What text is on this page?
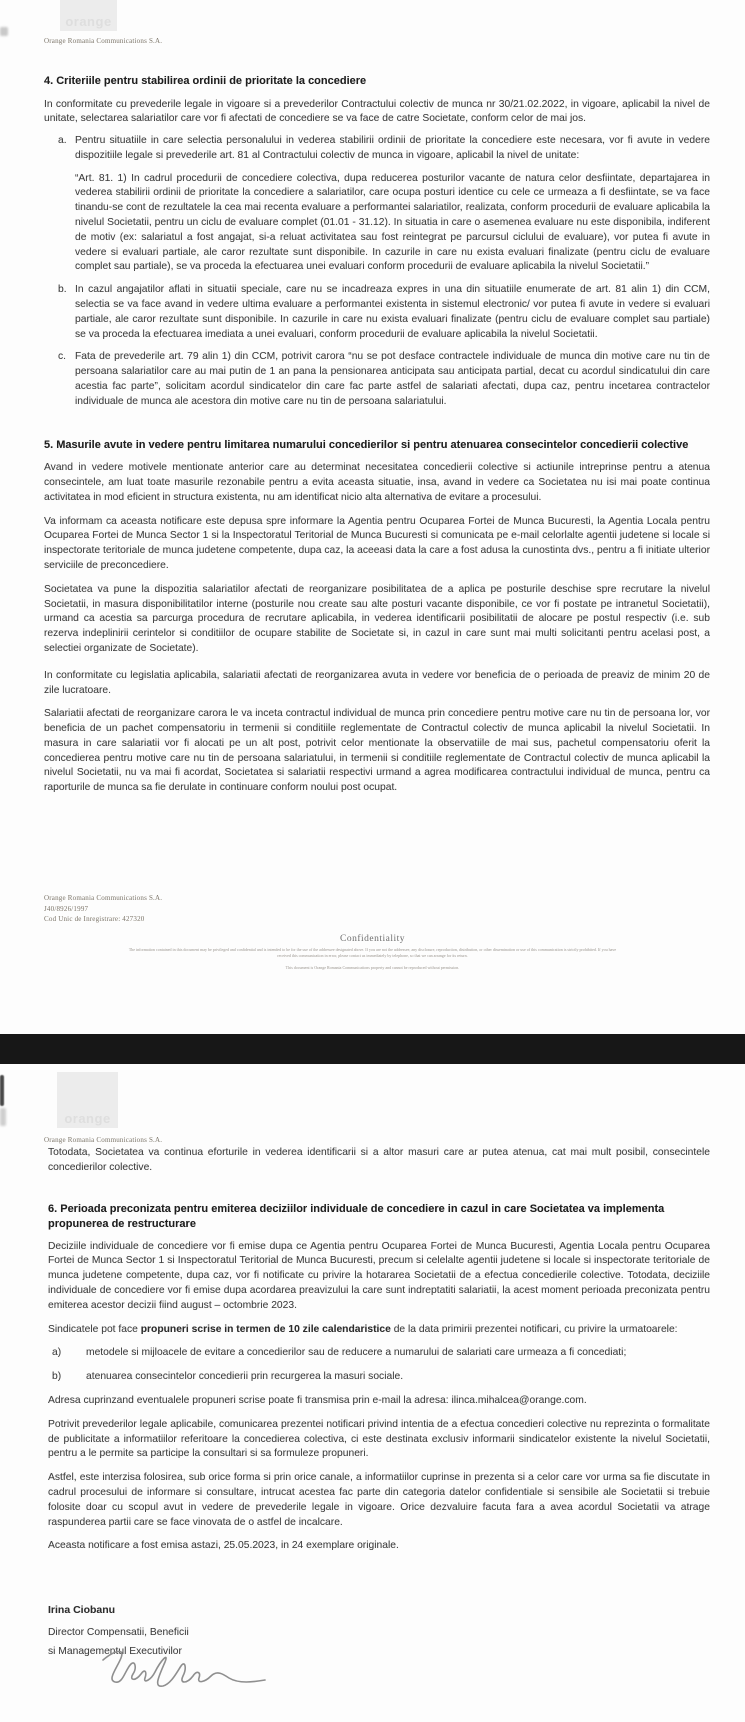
orange
Orange Romania Communications S.A.
4. Criteriile pentru stabilirea ordinii de prioritate la concediere

In conformitate cu prevederile legale in vigoare si a prevederilor Contractului colectiv de munca nr 30/21.02.2022, in vigoare, aplicabil la nivel de unitate, selectarea salariatilor care vor fi afectati de concediere se va face de catre Societate, conform celor de mai jos.

a. Pentru situatiile in care selectia personalului in vederea stabilirii ordinii de prioritate la concediere este necesara, vor fi avute in vedere dispozitiile legale si prevederile art. 81 al Contractului colectiv de munca in vigoare, aplicabil la nivel de unitate:

“Art. 81. 1) In cadrul procedurii de concediere colectiva, dupa reducerea posturilor vacante de natura celor desfiintate, departajarea in vederea stabilirii ordinii de prioritate la concediere a salariatilor, care ocupa posturi identice cu cele ce urmeaza a fi desfiintate, se va face tinandu-se cont de rezultatele la cea mai recenta evaluare a performantei salariatilor, realizata, conform procedurii de evaluare aplicabila la nivelul Societatii, pentru un ciclu de evaluare complet (01.01 - 31.12). In situatia in care o asemenea evaluare nu este disponibila, indiferent de motiv (ex: salariatul a fost angajat, si-a reluat activitatea sau fost reintegrat pe parcursul ciclului de evaluare), vor putea fi avute in vedere si evaluari partiale, ale caror rezultate sunt disponibile. In cazurile in care nu exista evaluari finalizate (pentru ciclu de evaluare complet sau partiale), se va proceda la efectuarea unei evaluari conform procedurii de evaluare aplicabila la nivelul Societatii.”

b. In cazul angajatilor aflati in situatii speciale, care nu se incadreaza expres in una din situatiile enumerate de art. 81 alin 1) din CCM, selectia se va face avand in vedere ultima evaluare a performantei existenta in sistemul electronic/ vor putea fi avute in vedere si evaluari partiale, ale caror rezultate sunt disponibile. In cazurile in care nu exista evaluari finalizate (pentru ciclu de evaluare complet sau partiale) se va proceda la efectuarea imediata a unei evaluari, conform procedurii de evaluare aplicabila la nivelul Societatii.
c. Fata de prevederile art. 79 alin 1) din CCM, potrivit carora “nu se pot desface contractele individuale de munca din motive care nu tin de persoana salariatilor care au mai putin de 1 an pana la pensionarea anticipata sau anticipata partial, decat cu acordul sindicatului din care acestia fac parte”, solicitam acordul sindicatelor din care fac parte astfel de salariati afectati, dupa caz, pentru incetarea contractelor individuale de munca ale acestora din motive care nu tin de persoana salariatului.
5. Masurile avute in vedere pentru limitarea numarului concedierilor si pentru atenuarea consecintelor concedierii colective

Avand in vedere motivele mentionate anterior care au determinat necesitatea concedierii colective si actiunile intreprinse pentru a atenua consecintele, am luat toate masurile rezonabile pentru a evita aceasta situatie, insa, avand in vedere ca Societatea nu isi mai poate continua activitatea in mod eficient in structura existenta, nu am identificat nicio alta alternativa de evitare a procesului.

Va informam ca aceasta notificare este depusa spre informare la Agentia pentru Ocuparea Fortei de Munca Bucuresti, la Agentia Locala pentru Ocuparea Fortei de Munca Sector 1 si la Inspectoratul Teritorial de Munca Bucuresti si comunicata pe e-mail celorlalte agentii judetene si locale si inspectorate teritoriale de munca judetene competente, dupa caz, la aceeasi data la care a fost adusa la cunostinta dvs., pentru a fi initiate ulterior serviciile de preconcediere.

Societatea va pune la dispozitia salariatilor afectati de reorganizare posibilitatea de a aplica pe posturile deschise spre recrutare la nivelul Societatii, in masura disponibilitatilor interne (posturile nou create sau alte posturi vacante disponibile, ce vor fi postate pe intranetul Societatii), urmand ca acestia sa parcurga procedura de recrutare aplicabila, in vederea identificarii posibilitatii de alocare pe postul respectiv (i.e. sub rezerva indeplinirii cerintelor si conditiilor de ocupare stabilite de Societate si, in cazul in care sunt mai multi solicitanti pentru acelasi post, a selectiei organizate de Societate).

In conformitate cu legislatia aplicabila, salariatii afectati de reorganizarea avuta in vedere vor beneficia de o perioada de preaviz de minim 20 de zile lucratoare.

Salariatii afectati de reorganizare carora le va inceta contractul individual de munca prin concediere pentru motive care nu tin de persoana lor, vor beneficia de un pachet compensatoriu in termenii si conditiile reglementate de Contractul colectiv de munca aplicabil la nivelul Societatii. In masura in care salariatii vor fi alocati pe un alt post, potrivit celor mentionate la observatiile de mai sus, pachetul compensatoriu oferit la concedierea pentru motive care nu tin de persoana salariatului, in termenii si conditiile reglementate de Contractul colectiv de munca aplicabil la nivelul Societatii, nu va mai fi acordat, Societatea si salariatii respectivi urmand a agrea modificarea contractului individual de munca, pentru ca raporturile de munca sa fie derulate in continuare conform noului post ocupat.

Orange Romania Communications S.A.
J40/8926/1997
Cod Unic de Inregistrare: 427320
Confidentiality
The information contained in this document may be privileged and confidential and is intended to be for the use of the addressee designated above. If you are not the addressee, any disclosure, reproduction, distribution, or other dissemination or use of this communication is strictly prohibited. If you have
received this communication in error, please contact us immediately by telephone, so that we can arrange for its return.
This document is Orange Romania Communications property and cannot be reproduced without permission.
orange
Orange Romania Communications S.A.

Totodata, Societatea va continua eforturile in vederea identificarii si a altor masuri care ar putea atenua, cat mai mult posibil, consecintele concedierilor colective.

6. Perioada preconizata pentru emiterea deciziilor individuale de concediere in cazul in care Societatea va implementa propunerea de restructurare

Deciziile individuale de concediere vor fi emise dupa ce Agentia pentru Ocuparea Fortei de Munca Bucuresti, Agentia Locala pentru Ocuparea Fortei de Munca Sector 1 si Inspectoratul Teritorial de Munca Bucuresti, precum si celelalte agentii judetene si locale si inspectorate teritoriale de munca judetene competente, dupa caz, vor fi notificate cu privire la hotararea Societatii de a efectua concedierile colective. Totodata, deciziile individuale de concediere vor fi emise dupa acordarea preavizului la care sunt indreptatiti salariatii, la acest moment perioada preconizata pentru emiterea acestor decizii fiind august – octombrie 2023.

Sindicatele pot face propuneri scrise in termen de 10 zile calendaristice de la data primirii prezentei notificari, cu privire la urmatoarele:

a) metodele si mijloacele de evitare a concedierilor sau de reducere a numarului de salariati care urmeaza a fi concediati;
b) atenuarea consecintelor concedierii prin recurgerea la masuri sociale.

Adresa cuprinzand eventualele propuneri scrise poate fi transmisa prin e-mail la adresa: ilinca.mihalcea@orange.com.

Potrivit prevederilor legale aplicabile, comunicarea prezentei notificari privind intentia de a efectua concedieri colective nu reprezinta o formalitate de publicitate a informatiilor referitoare la concedierea colectiva, ci este destinata exclusiv informarii sindicatelor existente la nivelul Societatii, pentru a le permite sa participe la consultari si sa formuleze propuneri.

Astfel, este interzisa folosirea, sub orice forma si prin orice canale, a informatiilor cuprinse in prezenta si a celor care vor urma sa fie discutate in cadrul procesului de informare si consultare, intrucat acestea fac parte din categoria datelor confidentiale si sensibile ale Societatii si trebuie folosite doar cu scopul avut in vedere de prevederile legale in vigoare. Orice dezvaluire facuta fara a avea acordul Societatii va atrage raspunderea partii care se face vinovata de o astfel de incalcare.

Aceasta notificare a fost emisa astazi, 25.05.2023, in 24 exemplare originale.

Irina Ciobanu
Director Compensatii, Beneficii
si Managementul Executivilor
